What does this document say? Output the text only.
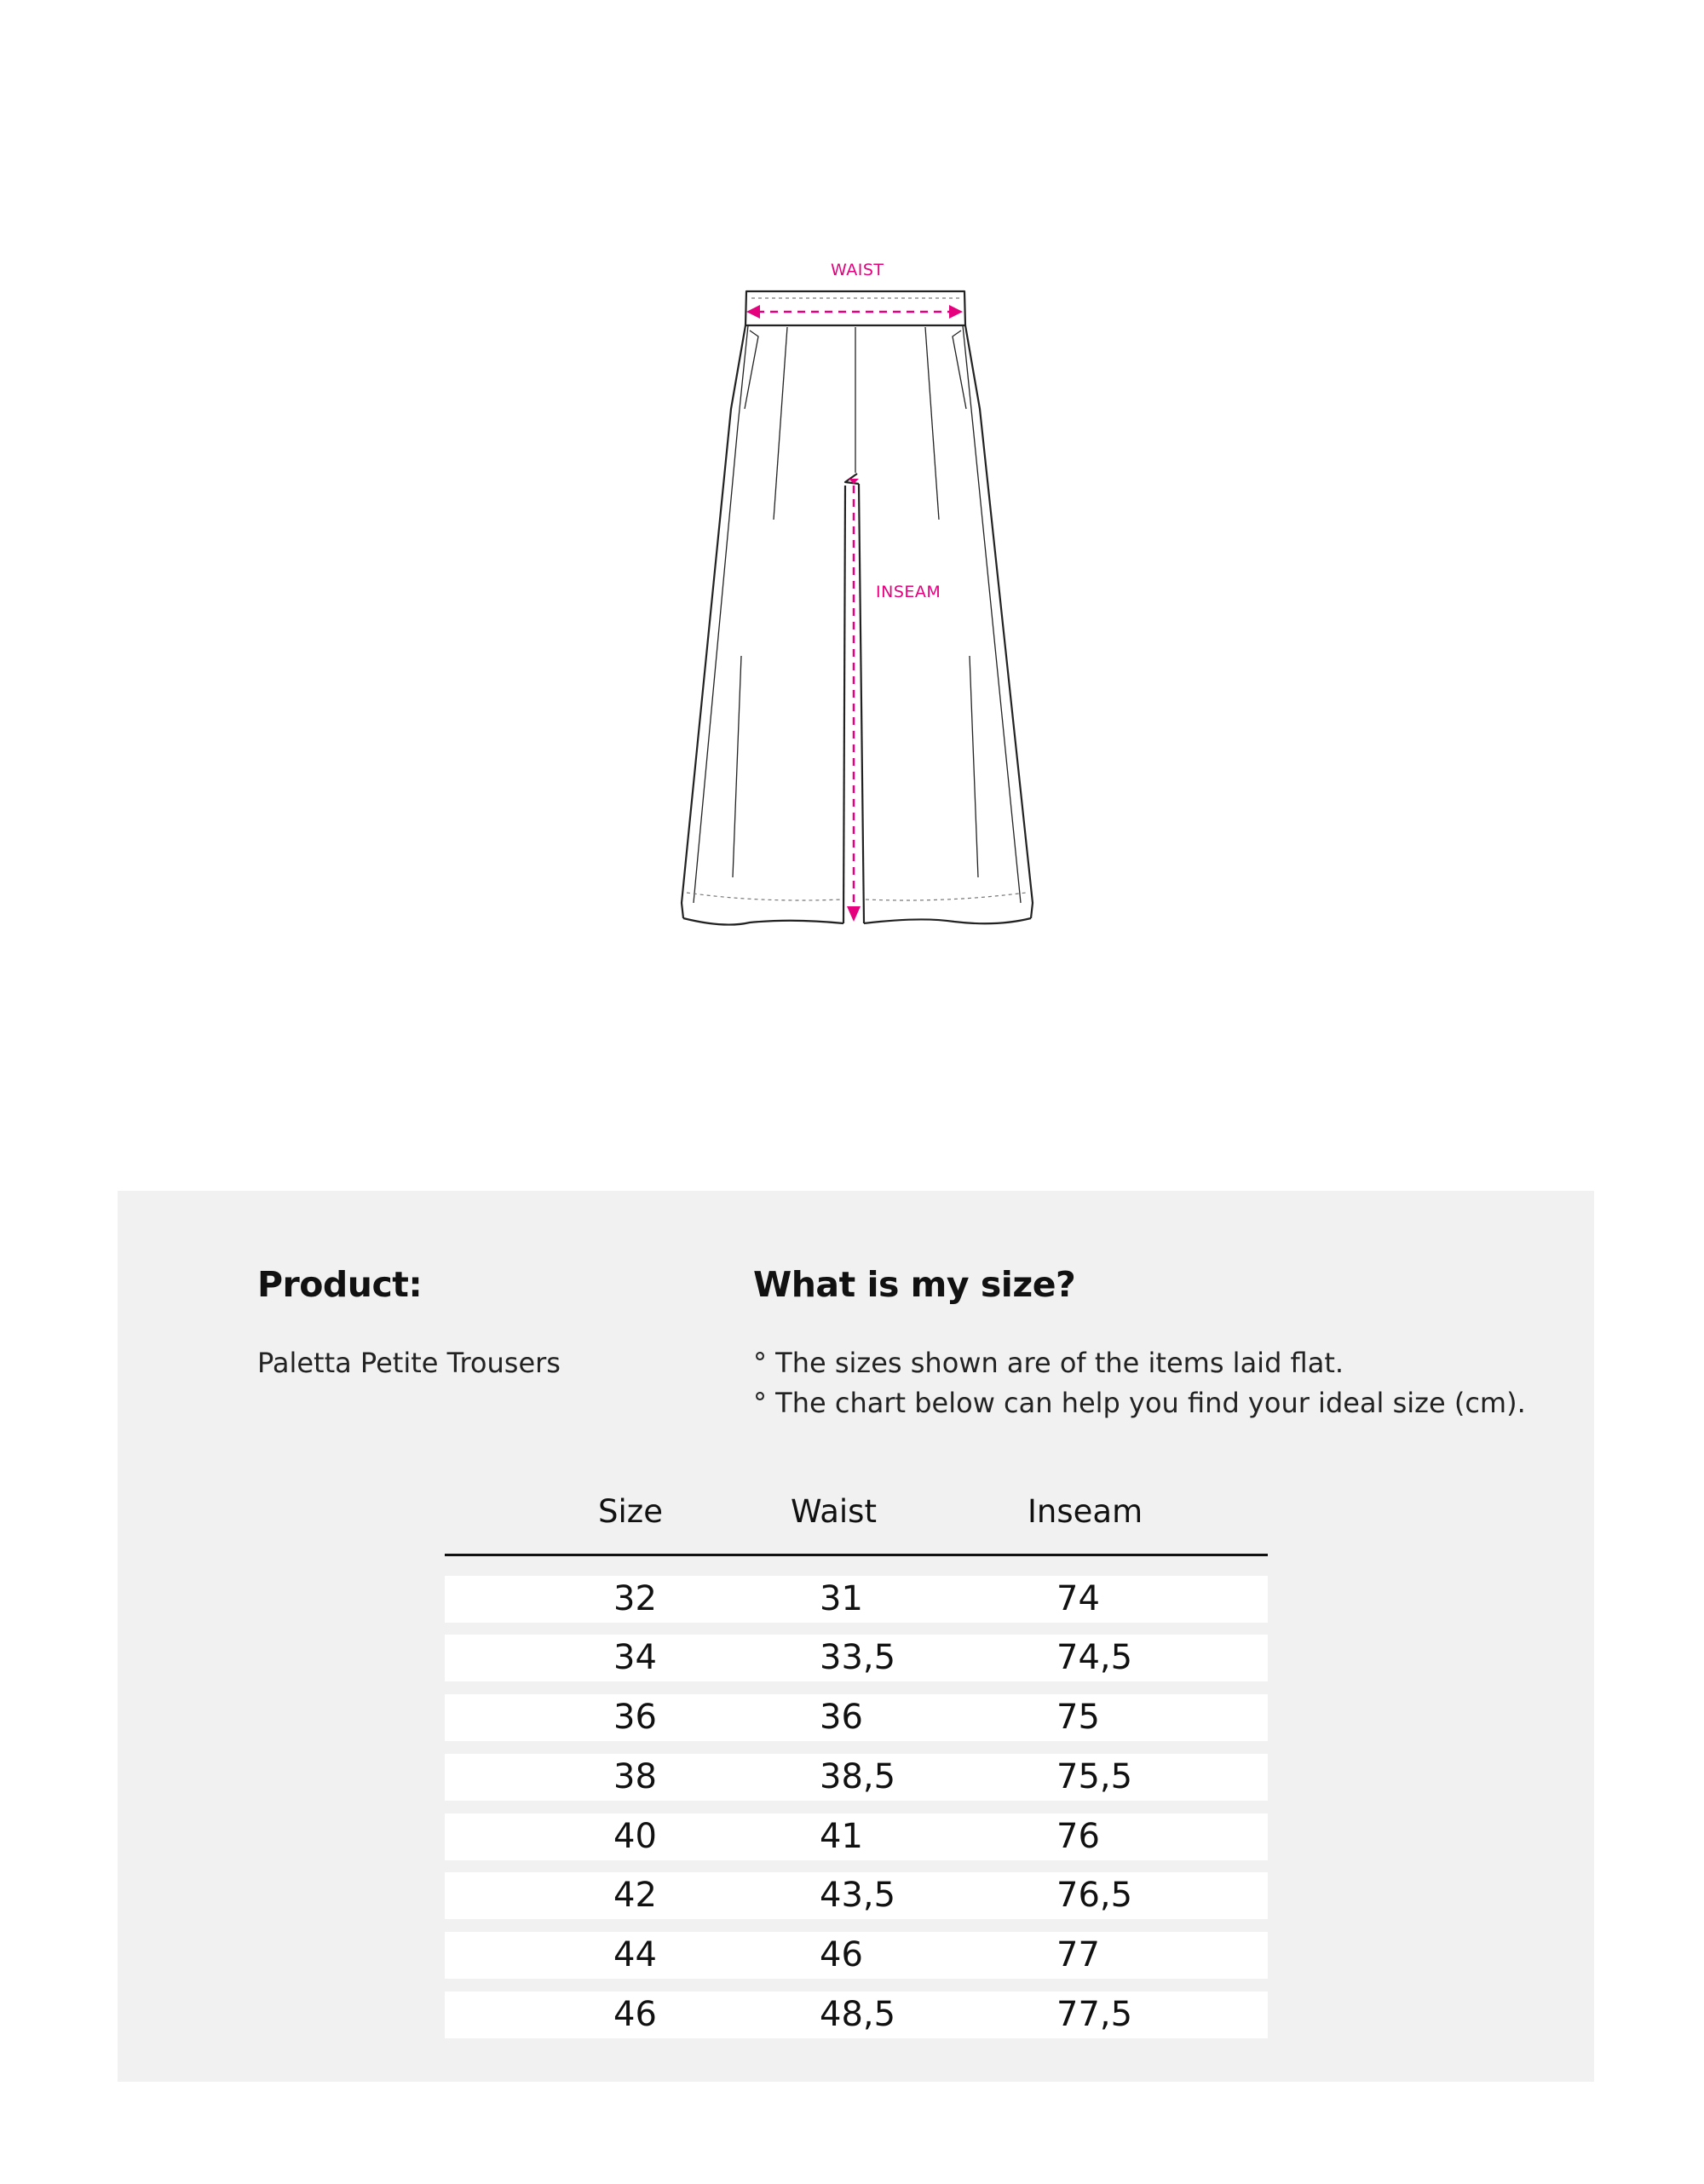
WAIST
INSEAM
Product:
Paletta Petite Trousers
What is my size?
° The sizes shown are of the items laid flat.
° The chart below can help you find your ideal size (cm).
Size	Waist	Inseam
32	31	74
34	33,5	74,5
36	36	75
38	38,5	75,5
40	41	76
42	43,5	76,5
44	46	77
46	48,5	77,5
